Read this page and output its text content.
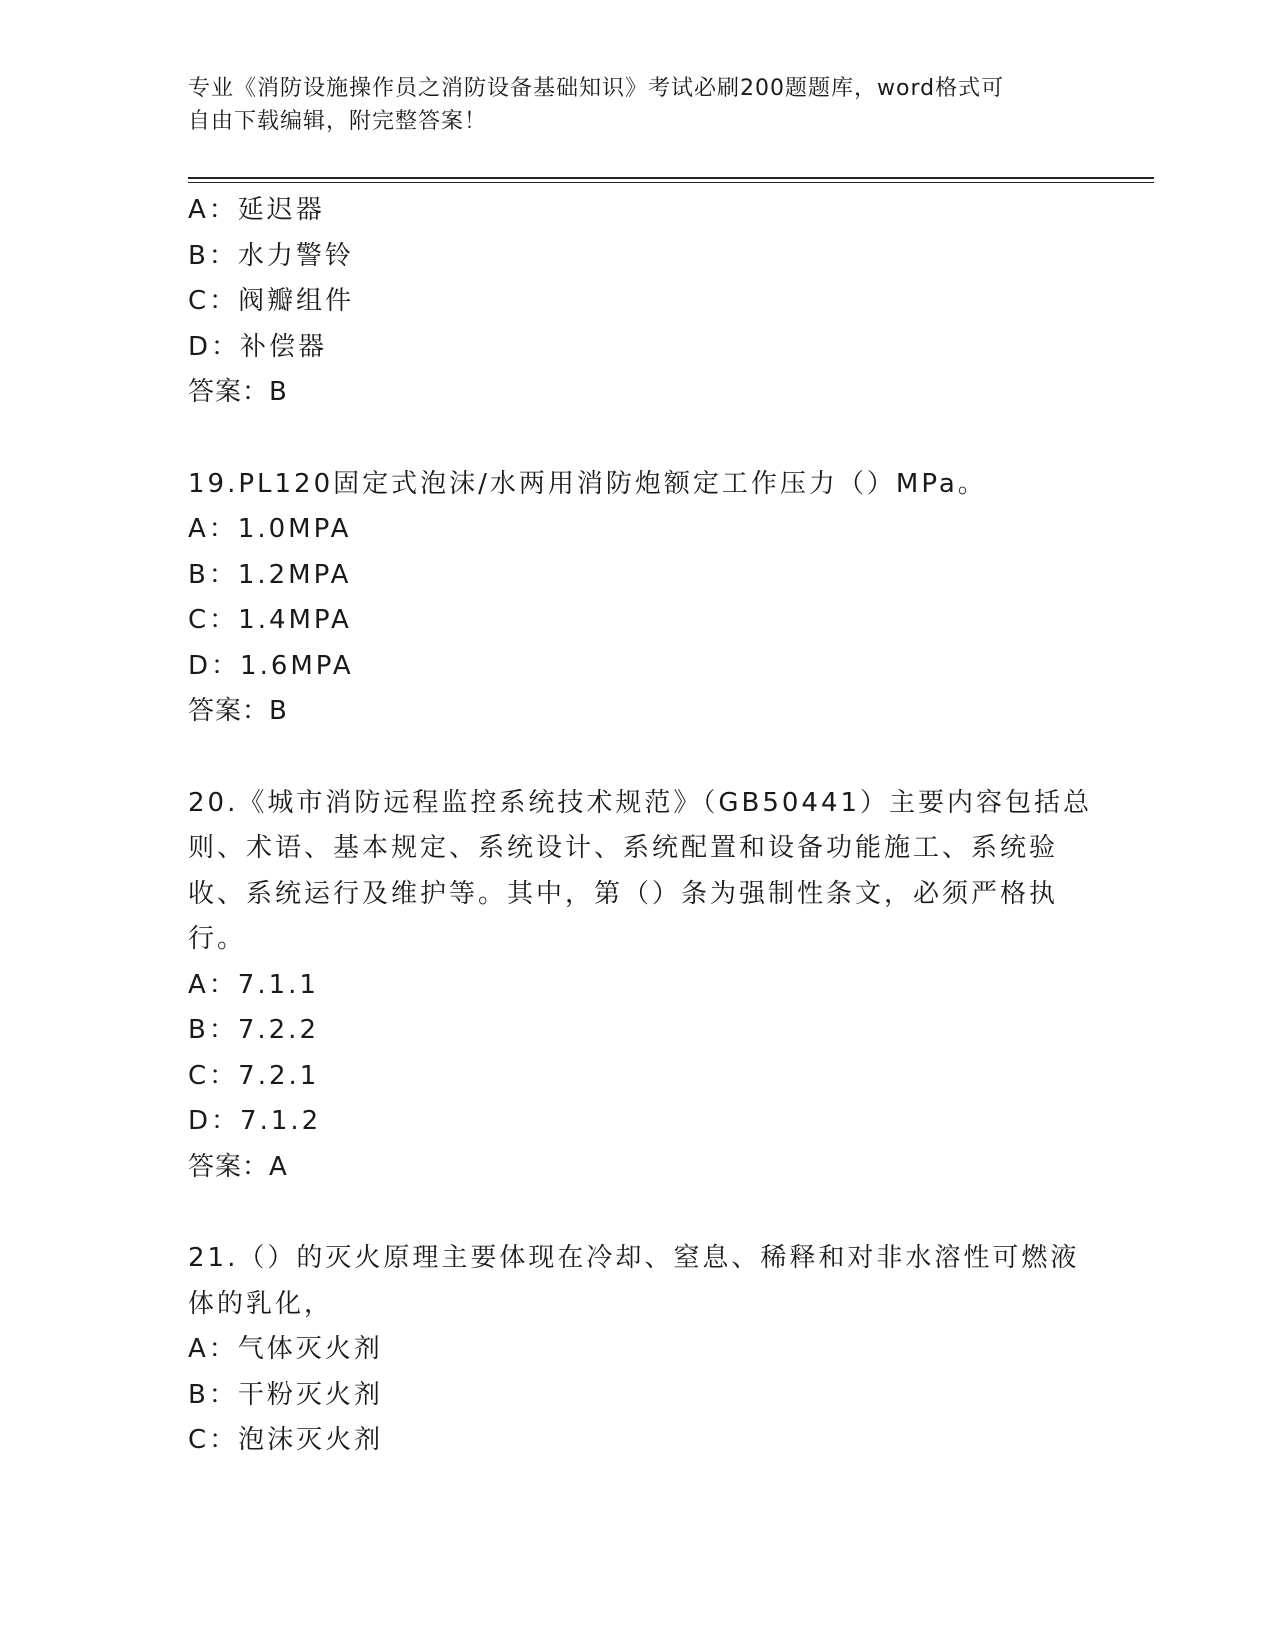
专业《消防设施操作员之消防设备基础知识》考试必刷200题题库，word格式可
自由下载编辑，附完整答案！
A：延迟器
B：水力警铃
C：阀瓣组件
D：补偿器
答案：B
19.PL120固定式泡沫/水两用消防炮额定工作压力（）MPa。
A：1.0MPA
B：1.2MPA
C：1.4MPA
D：1.6MPA
答案：B
20.《城市消防远程监控系统技术规范》（GB50441）主要内容包括总
则、术语、基本规定、系统设计、系统配置和设备功能施工、系统验
收、系统运行及维护等。其中，第（）条为强制性条文，必须严格执
行。
A：7.1.1
B：7.2.2
C：7.2.1
D：7.1.2
答案：A
21.（）的灭火原理主要体现在冷却、窒息、稀释和对非水溶性可燃液
体的乳化，
A：气体灭火剂
B：干粉灭火剂
C：泡沫灭火剂
